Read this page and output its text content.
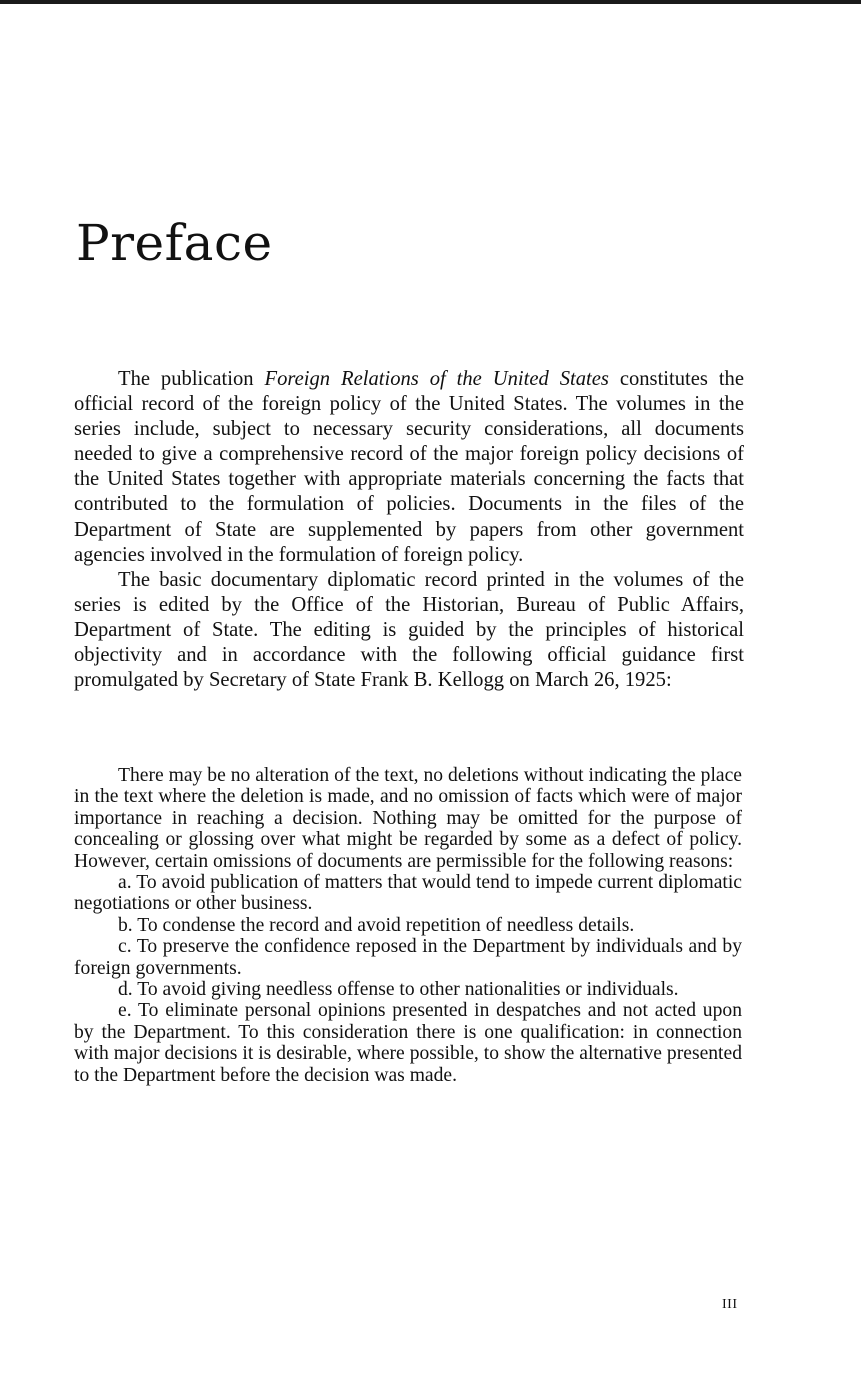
Preface

The publication Foreign Relations of the United States constitutes the official record of the foreign policy of the United States. The volumes in the series include, subject to necessary security considerations, all documents needed to give a comprehensive record of the major foreign policy decisions of the United States together with appropriate materials concerning the facts that contributed to the formulation of policies. Documents in the files of the Department of State are supplemented by papers from other government agencies involved in the formulation of foreign policy.

The basic documentary diplomatic record printed in the volumes of the series is edited by the Office of the Historian, Bureau of Public Affairs, Department of State. The editing is guided by the principles of historical objectivity and in accordance with the following official guidance first promulgated by Secretary of State Frank B. Kellogg on March 26, 1925:

There may be no alteration of the text, no deletions without indicating the place in the text where the deletion is made, and no omission of facts which were of major importance in reaching a decision. Nothing may be omitted for the purpose of concealing or glossing over what might be regarded by some as a defect of policy. However, certain omissions of documents are permissible for the following reasons:

a. To avoid publication of matters that would tend to impede current diplomatic negotiations or other business.

b. To condense the record and avoid repetition of needless details.

c. To preserve the confidence reposed in the Department by individuals and by foreign governments.

d. To avoid giving needless offense to other nationalities or individuals.

e. To eliminate personal opinions presented in despatches and not acted upon by the Department. To this consideration there is one qualification: in connection with major decisions it is desirable, where possible, to show the alternative presented to the Department before the decision was made.

III
